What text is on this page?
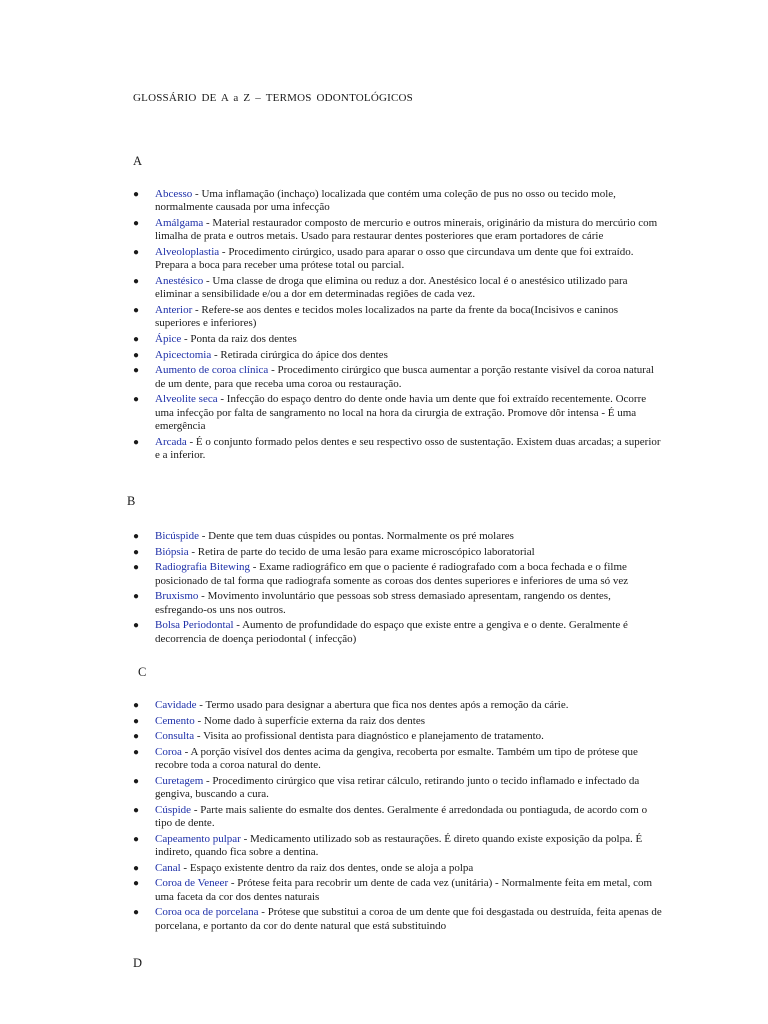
GLOSSÁRIO DE A a Z – TERMOS ODONTOLÓGICOS
A
● Abcesso - Uma inflamação (inchaço) localizada que contém uma coleção de pus no osso ou tecido mole, normalmente causada por uma infecção
● Amálgama - Material restaurador composto de mercurio e outros minerais, originário da mistura do mercúrio com limalha de prata e outros metais. Usado para restaurar dentes posteriores que eram portadores de cárie
● Alveoloplastia - Procedimento cirúrgico, usado para aparar o osso que circundava um dente que foi extraído. Prepara a boca para receber uma prótese total ou parcial.
● Anestésico - Uma classe de droga que elimina ou reduz a dor. Anestésico local é o anestésico utilizado para eliminar a sensibilidade e/ou a dor em determinadas regiões de cada vez.
● Anterior - Refere-se aos dentes e tecidos moles localizados na parte da frente da boca(Incisivos e caninos superiores e inferiores)
● Ápice - Ponta da raiz dos dentes
● Apicectomia - Retirada cirúrgica do ápice dos dentes
● Aumento de coroa clínica - Procedimento cirúrgico que busca aumentar a porção restante visível da coroa natural de um dente, para que receba uma coroa ou restauração.
● Alveolite seca - Infecção do espaço dentro do dente onde havia um dente que foi extraído recentemente. Ocorre uma infecção por falta de sangramento no local na hora da cirurgia de extração. Promove dôr intensa - É uma emergência
● Arcada - É o conjunto formado pelos dentes e seu respectivo osso de sustentação. Existem duas arcadas; a superior e a inferior.
B
● Bicúspide - Dente que tem duas cúspides ou pontas. Normalmente os pré molares
● Biópsia - Retira de parte do tecido de uma lesão para exame microscópico laboratorial
● Radiografia Bitewing - Exame radiográfico em que o paciente é radiografado com a boca fechada e o filme posicionado de tal forma que radiografa somente as coroas dos dentes superiores e inferiores de uma só vez
● Bruxismo - Movimento involuntário que pessoas sob stress demasiado apresentam, rangendo os dentes, esfregando-os uns nos outros.
● Bolsa Periodontal - Aumento de profundidade do espaço que existe entre a gengiva e o dente. Geralmente é decorrencia de doença periodontal ( infecção)
C
● Cavidade - Termo usado para designar a abertura que fica nos dentes após a remoção da cárie.
● Cemento - Nome dado à superfície externa da raiz dos dentes
● Consulta - Visita ao profissional dentista para diagnóstico e planejamento de tratamento.
● Coroa - A porção visível dos dentes acima da gengiva, recoberta por esmalte. Também um tipo de prótese que recobre toda a coroa natural do dente.
● Curetagem - Procedimento cirúrgico que visa retirar cálculo, retirando junto o tecido inflamado e infectado da gengiva, buscando a cura.
● Cúspide - Parte mais saliente do esmalte dos dentes. Geralmente é arredondada ou pontiaguda, de acordo com o tipo de dente.
● Capeamento pulpar - Medicamento utilizado sob as restaurações. É direto quando existe exposição da polpa. É indireto, quando fica sobre a dentina.
● Canal - Espaço existente dentro da raiz dos dentes, onde se aloja a polpa
● Coroa de Veneer - Prótese feita para recobrir um dente de cada vez (unitária) - Normalmente feita em metal, com uma faceta da cor dos dentes naturais
● Coroa oca de porcelana - Prótese que substitui a coroa de um dente que foi desgastada ou destruída, feita apenas de porcelana, e portanto da cor do dente natural que está substituindo
D
